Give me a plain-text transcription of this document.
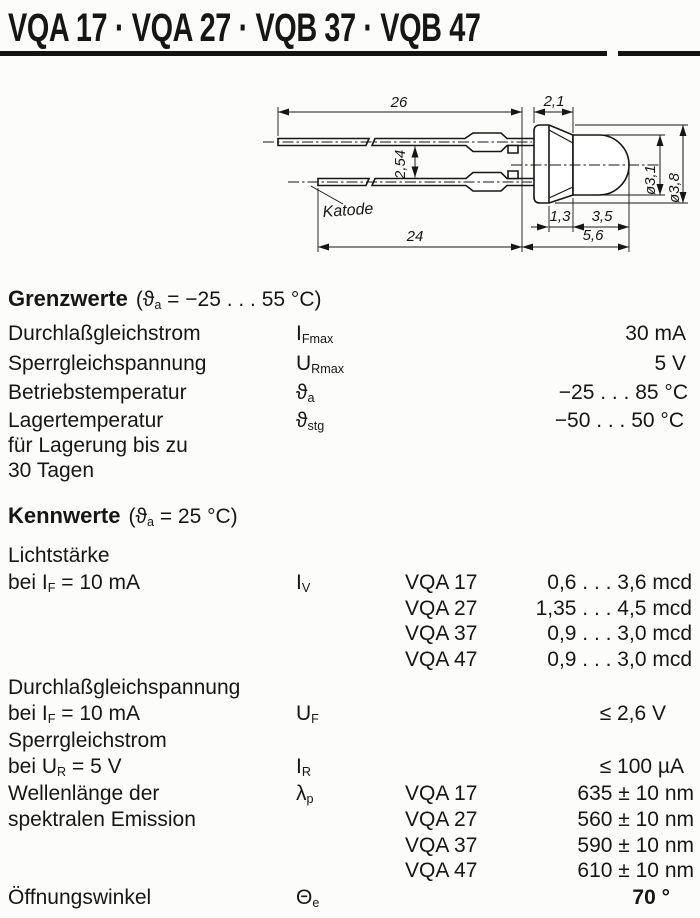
VQA 17 · VQA 27 · VQB 37 · VQB 47
26	2,1
2,54
24	5,6
1,3 3,5
ø3,1 ø3,8
Katode
Grenzwerte ($ϑ_a = -25$ . . . 55 °C)
Durchlaßgleichstrom	$I_{Fmax}$	30 mA
Sperrgleichspannung	$U_{Rmax}$	5 V
Betriebstemperatur	$ϑ_a$	−25 . . . 85 °C
Lagertemperatur	$ϑ_{stg}$	−50 . . . 50 °C
für Lagerung bis zu
30 Tagen
Kennwerte ($ϑ_a = 25$ °C)
Lichtstärke
bei $I_F = 10$ mA	$I_V$	VQA 17	0,6 . . . 3,6 mcd
VQA 27	1,35 . . . 4,5 mcd
VQA 37	0,9 . . . 3,0 mcd
VQA 47	0,9 . . . 3,0 mcd
Durchlaßgleichspannung
bei $I_F = 10$ mA	$U_F$	≤ 2,6 V
Sperrgleichstrom
bei $U_R = 5$ V	$I_R$	≤ 100 µA
Wellenlänge der	$\lambda_p$	VQA 17	635 ± 10 nm
spektralen Emission	VQA 27	560 ± 10 nm
VQA 37	590 ± 10 nm
VQA 47	610 ± 10 nm
Öffnungswinkel	$\Theta_e$	70 °
